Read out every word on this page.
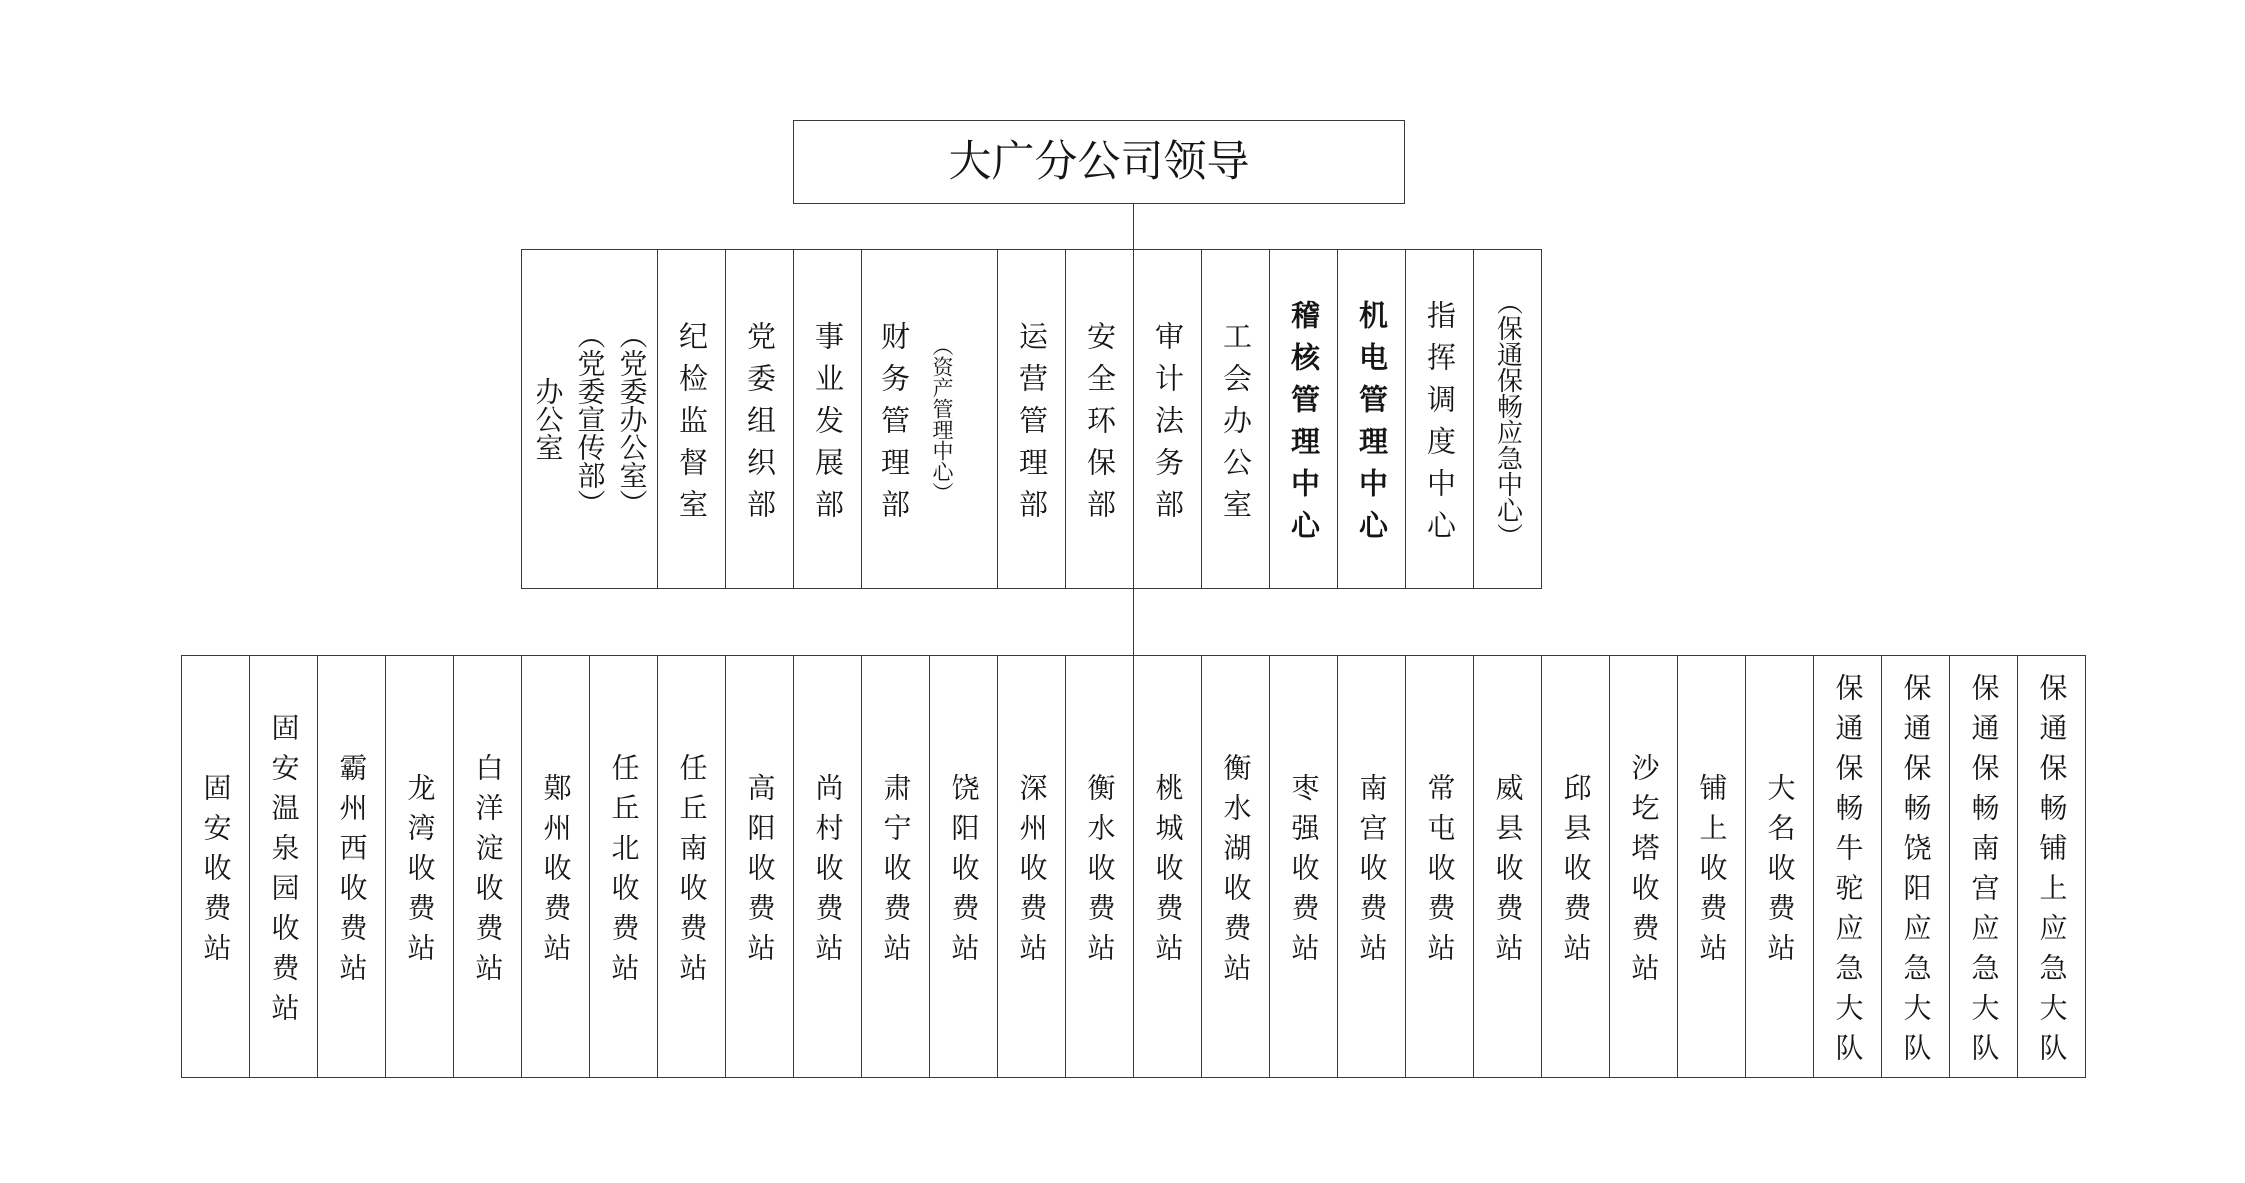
大广分公司领导
（党委办公室）
（党委宣传部）
办公室	纪检监督室 党委组织部 事业发展部	（资产管理中心）
财务管理部	运营管理部 安全环保部 审计法务部 工会办公室 稽核管理中心 机电管理中心 指挥调度中心 （保通保畅应急中心）
固安收费站 固安温泉园收费站 霸州西收费站 龙湾收费站 白洋淀收费站 鄚州收费站 任丘北收费站 任丘南收费站 高阳收费站 尚村收费站 肃宁收费站 饶阳收费站 深州收费站 衡水收费站 桃城收费站 衡水湖收费站 枣强收费站 南宫收费站 常屯收费站 威县收费站 邱县收费站 沙圪塔收费站 铺上收费站 大名收费站 保通保畅牛驼应急大队 保通保畅饶阳应急大队 保通保畅南宫应急大队 保通保畅铺上应急大队
